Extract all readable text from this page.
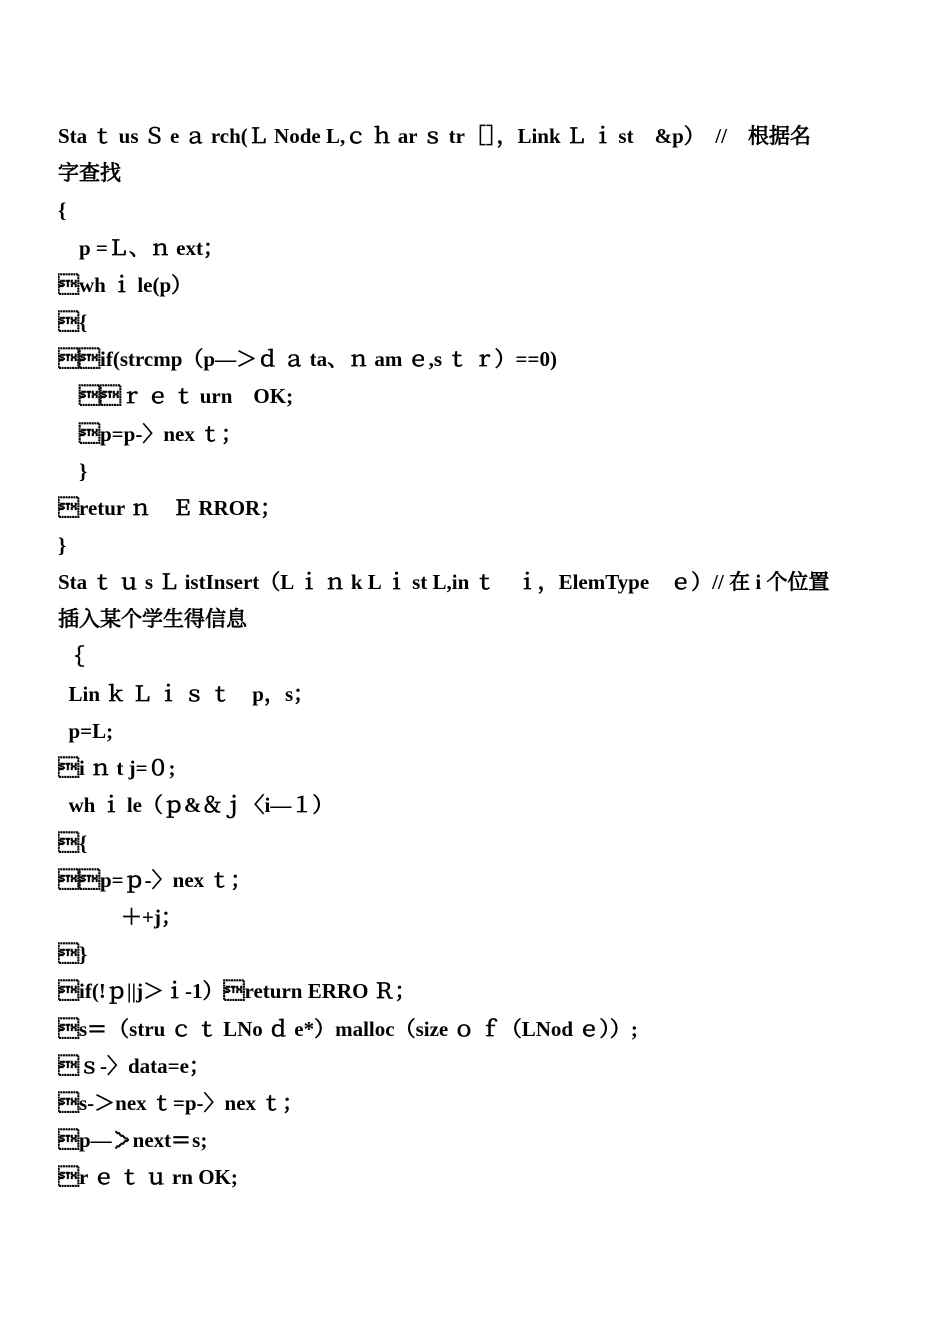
Sta ｔ us Ｓ e ａ rch(Ｌ Node L,ｃ ｈ ar ｓ tr［］，Link Ｌ ｉ st　&p）　//　根据名
字查找
{
　p =Ｌ、ｎ ext；
wh ｉ le(p）
{
if(strcmp（p—＞ｄ ａ ta、ｎ am ｅ,s ｔ ｒ）==0)
　ｒ ｅ ｔ urn　OK;
　p=p-〉nex ｔ；
　}
retur ｎ　Ｅ RROR；
}
Sta ｔ ｕ s Ｌ istInsert（L ｉ ｎ k L ｉ st L,in ｔ　ｉ，ElemType　ｅ）// 在 i 个位置
插入某个学生得信息
｛
Lin ｋ Ｌ ｉ ｓ ｔ　p，s；
p=L;
i ｎ t j=０;
wh ｉ le（ｐ&＆ｊ〈i—１）
{
p=ｐ-〉nex ｔ；
　　　＋+j；
}
if(!ｐ||j＞ｉ-1）return ERRO Ｒ；
s＝（stru ｃ ｔ LNo ｄ e*）malloc（size ｏ ｆ（LNod ｅ））;
ｓ-〉data=e；
s-＞nex ｔ=p-〉nex ｔ；
p—＞next＝s;
r ｅ ｔ ｕ rn OK;
